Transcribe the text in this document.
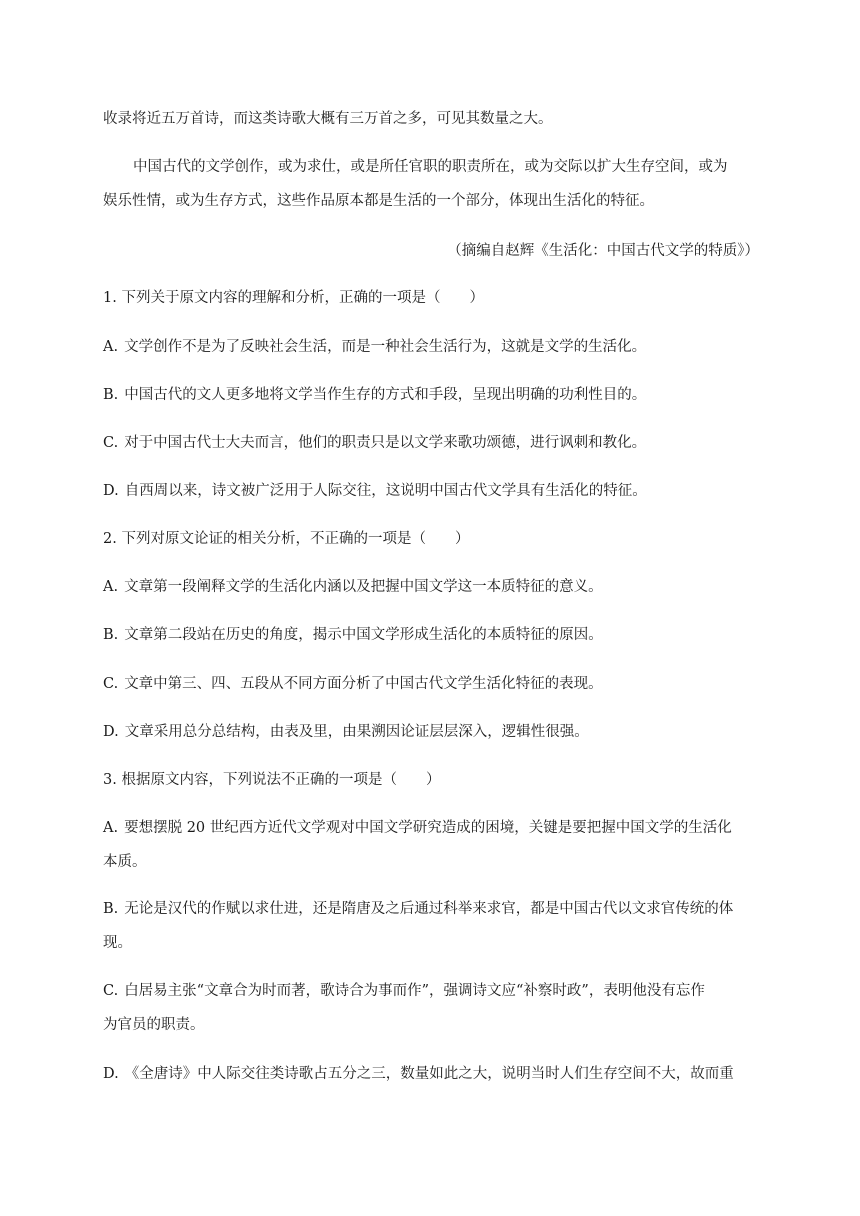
收录将近五万首诗，而这类诗歌大概有三万首之多，可见其数量之大。
中国古代的文学创作，或为求仕，或是所任官职的职责所在，或为交际以扩大生存空间，或为
娱乐性情，或为生存方式，这些作品原本都是生活的一个部分，体现出生活化的特征。
（摘编自赵辉《生活化：中国古代文学的特质》）
1. 下列关于原文内容的理解和分析，正确的一项是（　　）
A. 文学创作不是为了反映社会生活，而是一种社会生活行为，这就是文学的生活化。
B. 中国古代的文人更多地将文学当作生存的方式和手段，呈现出明确的功利性目的。
C. 对于中国古代士大夫而言，他们的职责只是以文学来歌功颂德，进行讽刺和教化。
D. 自西周以来，诗文被广泛用于人际交往，这说明中国古代文学具有生活化的特征。
2. 下列对原文论证的相关分析，不正确的一项是（　　）
A. 文章第一段阐释文学的生活化内涵以及把握中国文学这一本质特征的意义。
B. 文章第二段站在历史的角度，揭示中国文学形成生活化的本质特征的原因。
C. 文章中第三、四、五段从不同方面分析了中国古代文学生活化特征的表现。
D. 文章采用总分总结构，由表及里，由果溯因论证层层深入，逻辑性很强。
3. 根据原文内容，下列说法不正确的一项是（　　）
A. 要想摆脱 20 世纪西方近代文学观对中国文学研究造成的困境，关键是要把握中国文学的生活化
本质。
B. 无论是汉代的作赋以求仕进，还是隋唐及之后通过科举来求官，都是中国古代以文求官传统的体
现。
C. 白居易主张“文章合为时而著，歌诗合为事而作”，强调诗文应“补察时政”，表明他没有忘作
为官员的职责。
D. 《全唐诗》中人际交往类诗歌占五分之三，数量如此之大，说明当时人们生存空间不大，故而重
